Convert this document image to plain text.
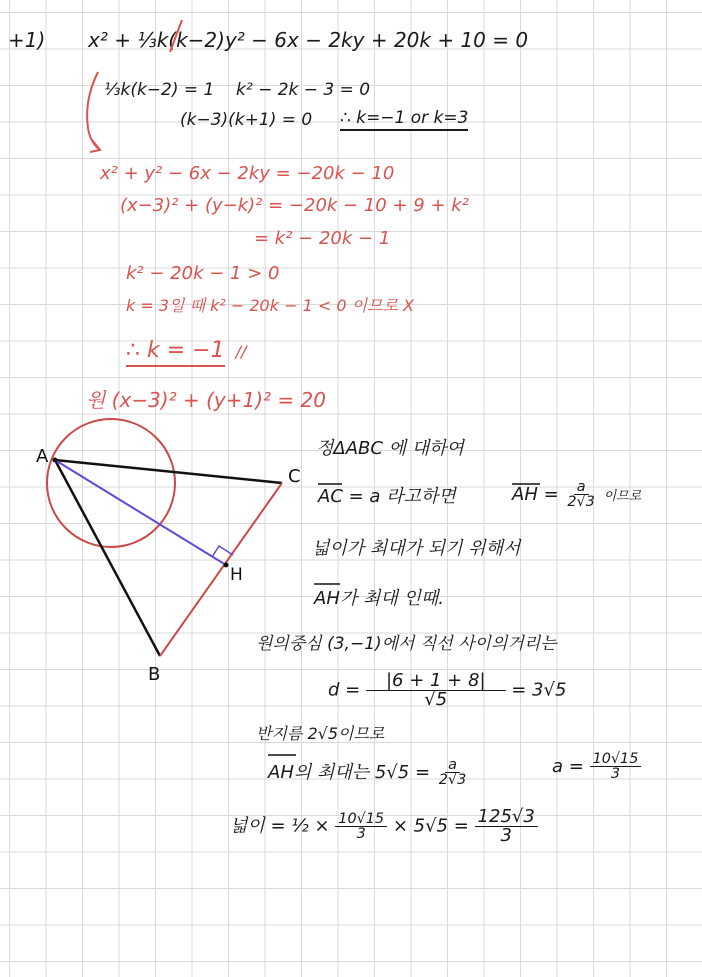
+1) x² + ⅓k(k−2)y² − 6x − 2ky + 20k + 10 = 0
⅓k(k−2) = 1 k² − 2k − 3 = 0
(k−3)(k+1) = 0 ∴ k=−1 or k=3
x² + y² − 6x − 2ky = −20k − 10
(x−3)² + (y−k)² = −20k − 10 + 9 + k²
= k² − 20k − 1
k² − 20k − 1 > 0
k = 3일 때 k² − 20k − 1 < 0 이므로 X
∴ k = −1 //
원 (x−3)² + (y+1)² = 20
A
C
H
B
정ΔABC 에 대하여
AC = a 라고하면	AH = $\frac{a}{2√3}$ 이므로
넓이가 최대가 되기 위해서
AH가 최대 인때.
원의중심 (3,−1)에서 직선 사이의거리는
$d = \frac{|6 + 1 + 8|}{√5} = 3√5$
반지름 2√5이므로
AH의 최대는 $5√5 = \frac{a}{2√3}$	$a = \frac{10√15}{3}$
넓이 = ½ × $\frac{10√15}{3} \times 5√5 = \frac{125√3}{3}$
